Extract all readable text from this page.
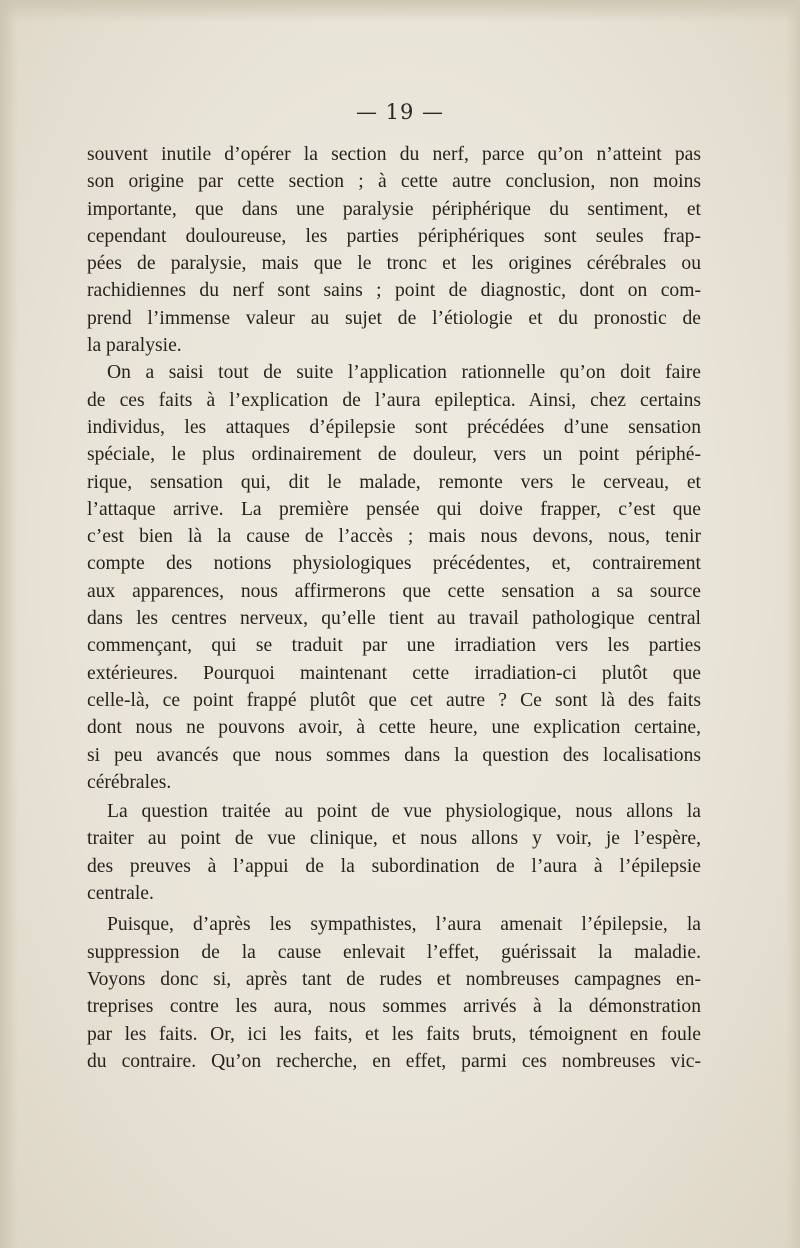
— 19 —
souvent inutile d’opérer la section du nerf, parce qu’on n’atteint pas
son origine par cette section ; à cette autre conclusion, non moins
importante, que dans une paralysie périphérique du sentiment, et
cependant douloureuse, les parties périphériques sont seules frap-
pées de paralysie, mais que le tronc et les origines cérébrales ou
rachidiennes du nerf sont sains ; point de diagnostic, dont on com-
prend l’immense valeur au sujet de l’étiologie et du pronostic de
la paralysie.
On a saisi tout de suite l’application rationnelle qu’on doit faire
de ces faits à l’explication de l’aura epileptica. Ainsi, chez certains
individus, les attaques d’épilepsie sont précédées d’une sensation
spéciale, le plus ordinairement de douleur, vers un point périphé-
rique, sensation qui, dit le malade, remonte vers le cerveau, et
l’attaque arrive. La première pensée qui doive frapper, c’est que
c’est bien là la cause de l’accès ; mais nous devons, nous, tenir
compte des notions physiologiques précédentes, et, contrairement
aux apparences, nous affirmerons que cette sensation a sa source
dans les centres nerveux, qu’elle tient au travail pathologique central
commençant, qui se traduit par une irradiation vers les parties
extérieures. Pourquoi maintenant cette irradiation-ci plutôt que
celle-là, ce point frappé plutôt que cet autre ? Ce sont là des faits
dont nous ne pouvons avoir, à cette heure, une explication certaine,
si peu avancés que nous sommes dans la question des localisations
cérébrales.
La question traitée au point de vue physiologique, nous allons la
traiter au point de vue clinique, et nous allons y voir, je l’espère,
des preuves à l’appui de la subordination de l’aura à l’épilepsie
centrale.
Puisque, d’après les sympathistes, l’aura amenait l’épilepsie, la
suppression de la cause enlevait l’effet, guérissait la maladie.
Voyons donc si, après tant de rudes et nombreuses campagnes en-
treprises contre les aura, nous sommes arrivés à la démonstration
par les faits. Or, ici les faits, et les faits bruts, témoignent en foule
du contraire. Qu’on recherche, en effet, parmi ces nombreuses vic-
